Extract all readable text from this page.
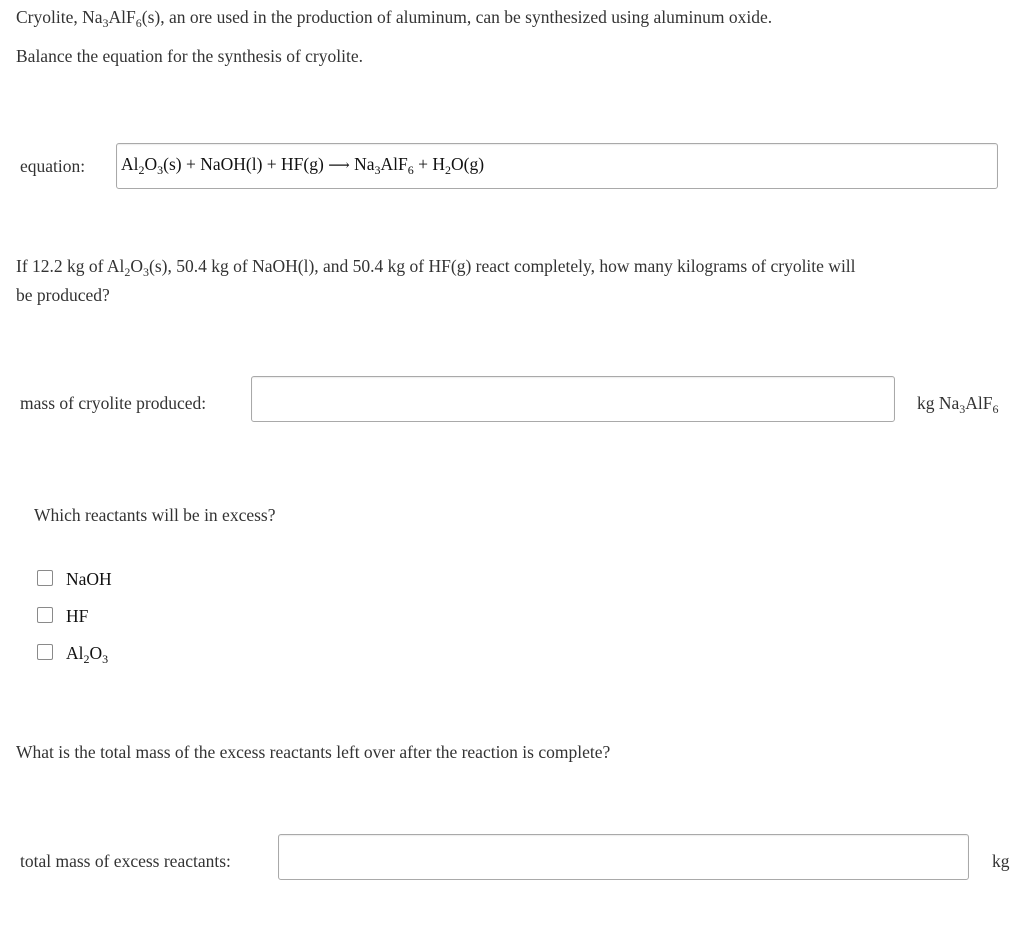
Cryolite, $Na_3AlF_6(s)$, an ore used in the production of aluminum, can be synthesized using aluminum oxide.
Balance the equation for the synthesis of cryolite.
equation: $Al_2O_3(s)$ + NaOH(l) + HF(g) ⟶ $Na_3AlF_6 + H_2O(g)$
If 12.2 kg of $Al_2O_3(s)$, 50.4 kg of NaOH(l), and 50.4 kg of HF(g) react completely, how many kilograms of cryolite will
be produced?
mass of cryolite produced:	kg $Na_3AlF_6$
Which reactants will be in excess?
NaOH
HF
$Al_2O_3$
What is the total mass of the excess reactants left over after the reaction is complete?
total mass of excess reactants:	kg
